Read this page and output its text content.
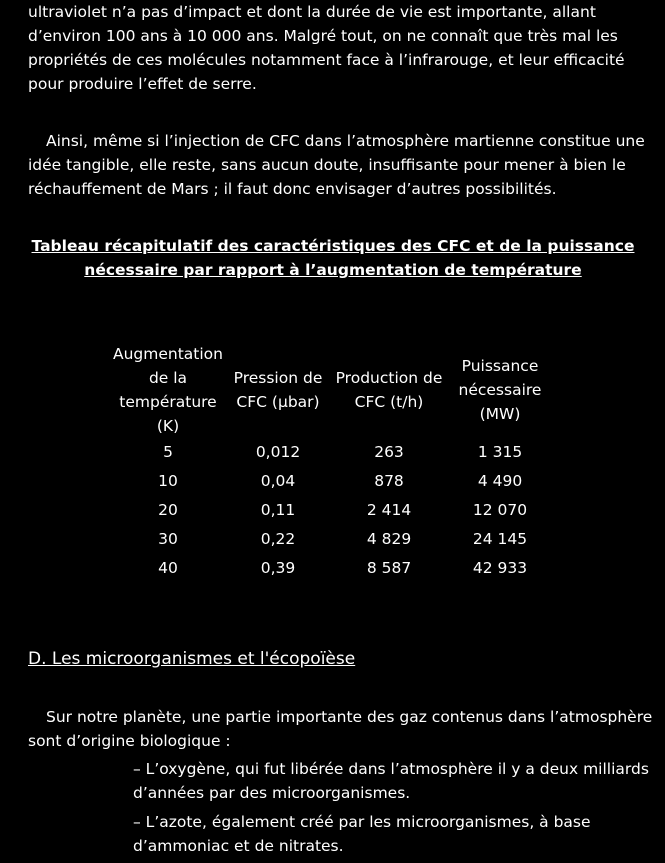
ultraviolet n’a pas d’impact et dont la durée de vie est importante, allant d’environ 100 ans à 10 000 ans. Malgré tout, on ne connaît que très mal les propriétés de ces molécules notamment face à l’infrarouge, et leur efficacité pour produire l’effet de serre.

Ainsi, même si l’injection de CFC dans l’atmosphère martienne constitue une idée tangible, elle reste, sans aucun doute, insuffisante pour mener à bien le réchauffement de Mars ; il faut donc envisager d’autres possibilités.

Tableau récapitulatif des caractéristiques des CFC et de la puissance nécessaire par rapport à l’augmentation de température
Augmentation de la température (K)	Pression de CFC (µbar)	Production de CFC (t/h)	Puissance nécessaire (MW)
5	0,012	263	1 315
10	0,04	878	4 490
20	0,11	2 414	12 070
30	0,22	4 829	24 145
40	0,39	8 587	42 933
D. Les microorganismes et l'écopoïèse

Sur notre planète, une partie importante des gaz contenus dans l’atmosphère sont d’origine biologique :

– L’oxygène, qui fut libérée dans l’atmosphère il y a deux milliards d’années par des microorganismes.
– L’azote, également créé par les microorganismes, à base d’ammoniac et de nitrates.
